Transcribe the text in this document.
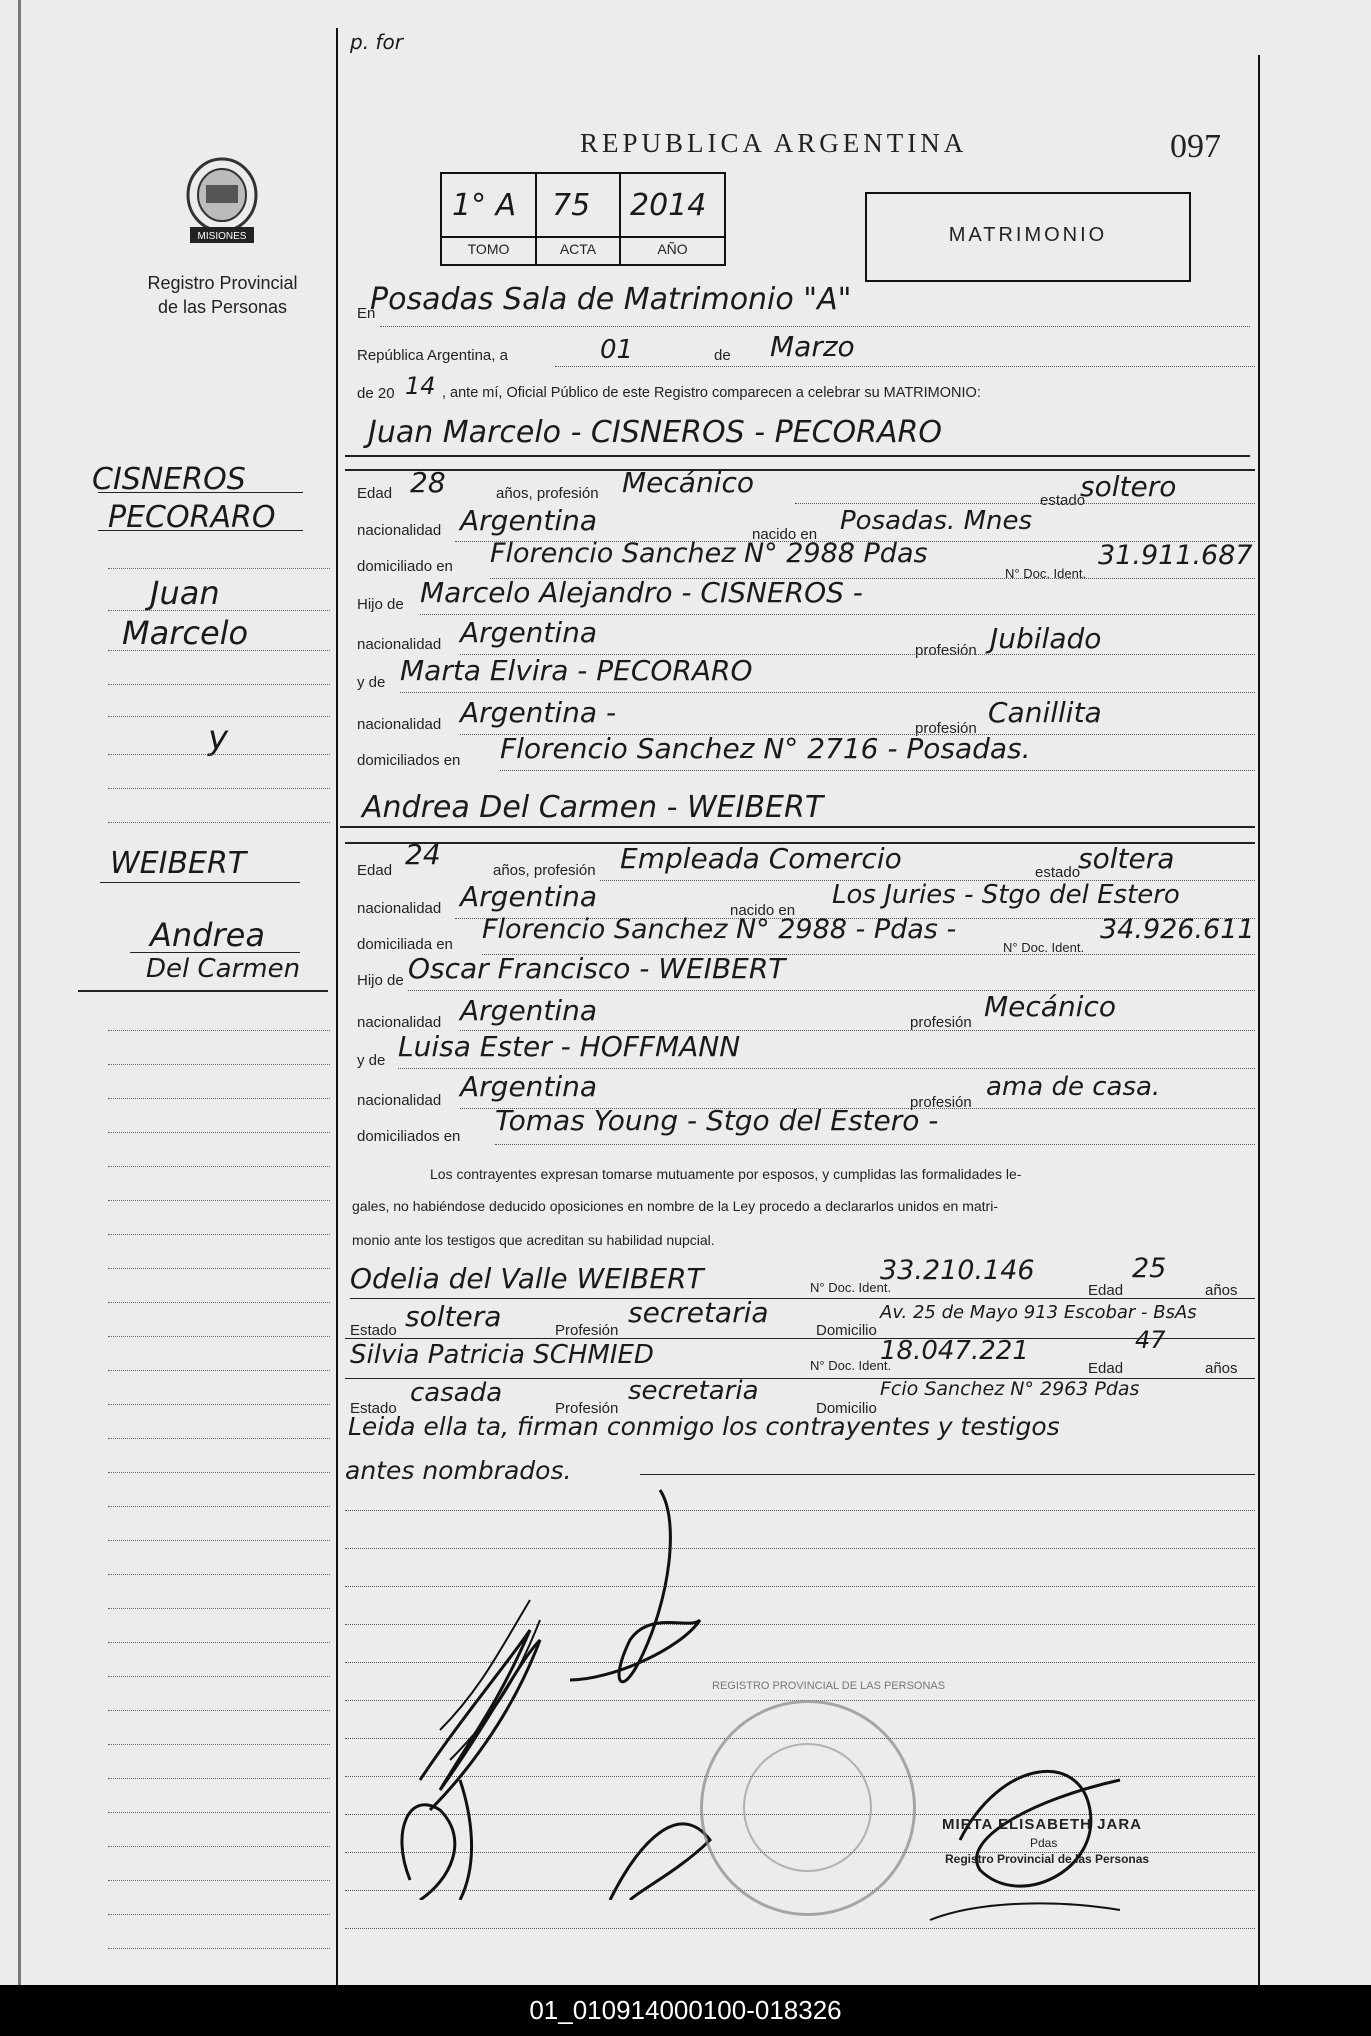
p. for
MISIONES
Registro Provincial
de las Personas
REPUBLICA ARGENTINA	097
1° A 75 2014
TOMO	ACTA	AÑO
MATRIMONIO
En
Posadas Sala de Matrimonio "A"
República Argentina, a	01	de Marzo
de 20 14 , ante mí, Oficial Público de este Registro comparecen a celebrar su MATRIMONIO:
Juan Marcelo - CISNEROS - PECORARO
Edad 28	años, profesión Mecánico
estado
soltero
nacionalidad Argentina	nacido en Posadas. Mnes
domiciliado en Florencio Sanchez N° 2988 Pdas
N° Doc. Ident.
31.911.687
Hijo de Marcelo Alejandro - CISNEROS -
nacionalidad Argentina
profesión Jubilado
y de Marta Elvira - PECORARO
nacionalidad Argentina -	profesión Canillita
domiciliados en Florencio Sanchez N° 2716 - Posadas.
Andrea Del Carmen - WEIBERT
Edad 24	años, profesión Empleada Comercio	estado
soltera
nacionalidad Argentina	nacido en
Los Juries - Stgo del Estero
domiciliada en Florencio Sanchez N° 2988 - Pdas -
N° Doc. Ident.
34.926.611
Hijo de Oscar Francisco - WEIBERT
nacionalidad Argentina	profesión Mecánico
y de Luisa Ester - HOFFMANN
nacionalidad Argentina	profesión
ama de casa.
domiciliados en Tomas Young - Stgo del Estero -
Los contrayentes expresan tomarse mutuamente por esposos, y cumplidas las formalidades le-
gales, no habiéndose deducido oposiciones en nombre de la Ley procedo a declararlos unidos en matri-
monio ante los testigos que acreditan su habilidad nupcial.
Odelia del Valle WEIBERT	N° Doc. Ident.
33.210.146
Edad
25
años
Estado soltera	Profesión
secretaria
Domicilio
Av. 25 de Mayo 913 Escobar - BsAs
Silvia Patricia SCHMIED	N° Doc. Ident.
18.047.221
Edad
47
años
Estado
casada
Profesión
secretaria
Domicilio
Fcio Sanchez N° 2963 Pdas
Leida ella ta, firman conmigo los contrayentes y testigos
antes nombrados.
REGISTRO PROVINCIAL DE LAS PERSONAS
MIRTA ELISABETH JARA
Pdas
Registro Provincial de las Personas
CISNEROS
PECORARO
Juan
Marcelo
y
WEIBERT
Andrea
Del Carmen
01_010914000100-018326
